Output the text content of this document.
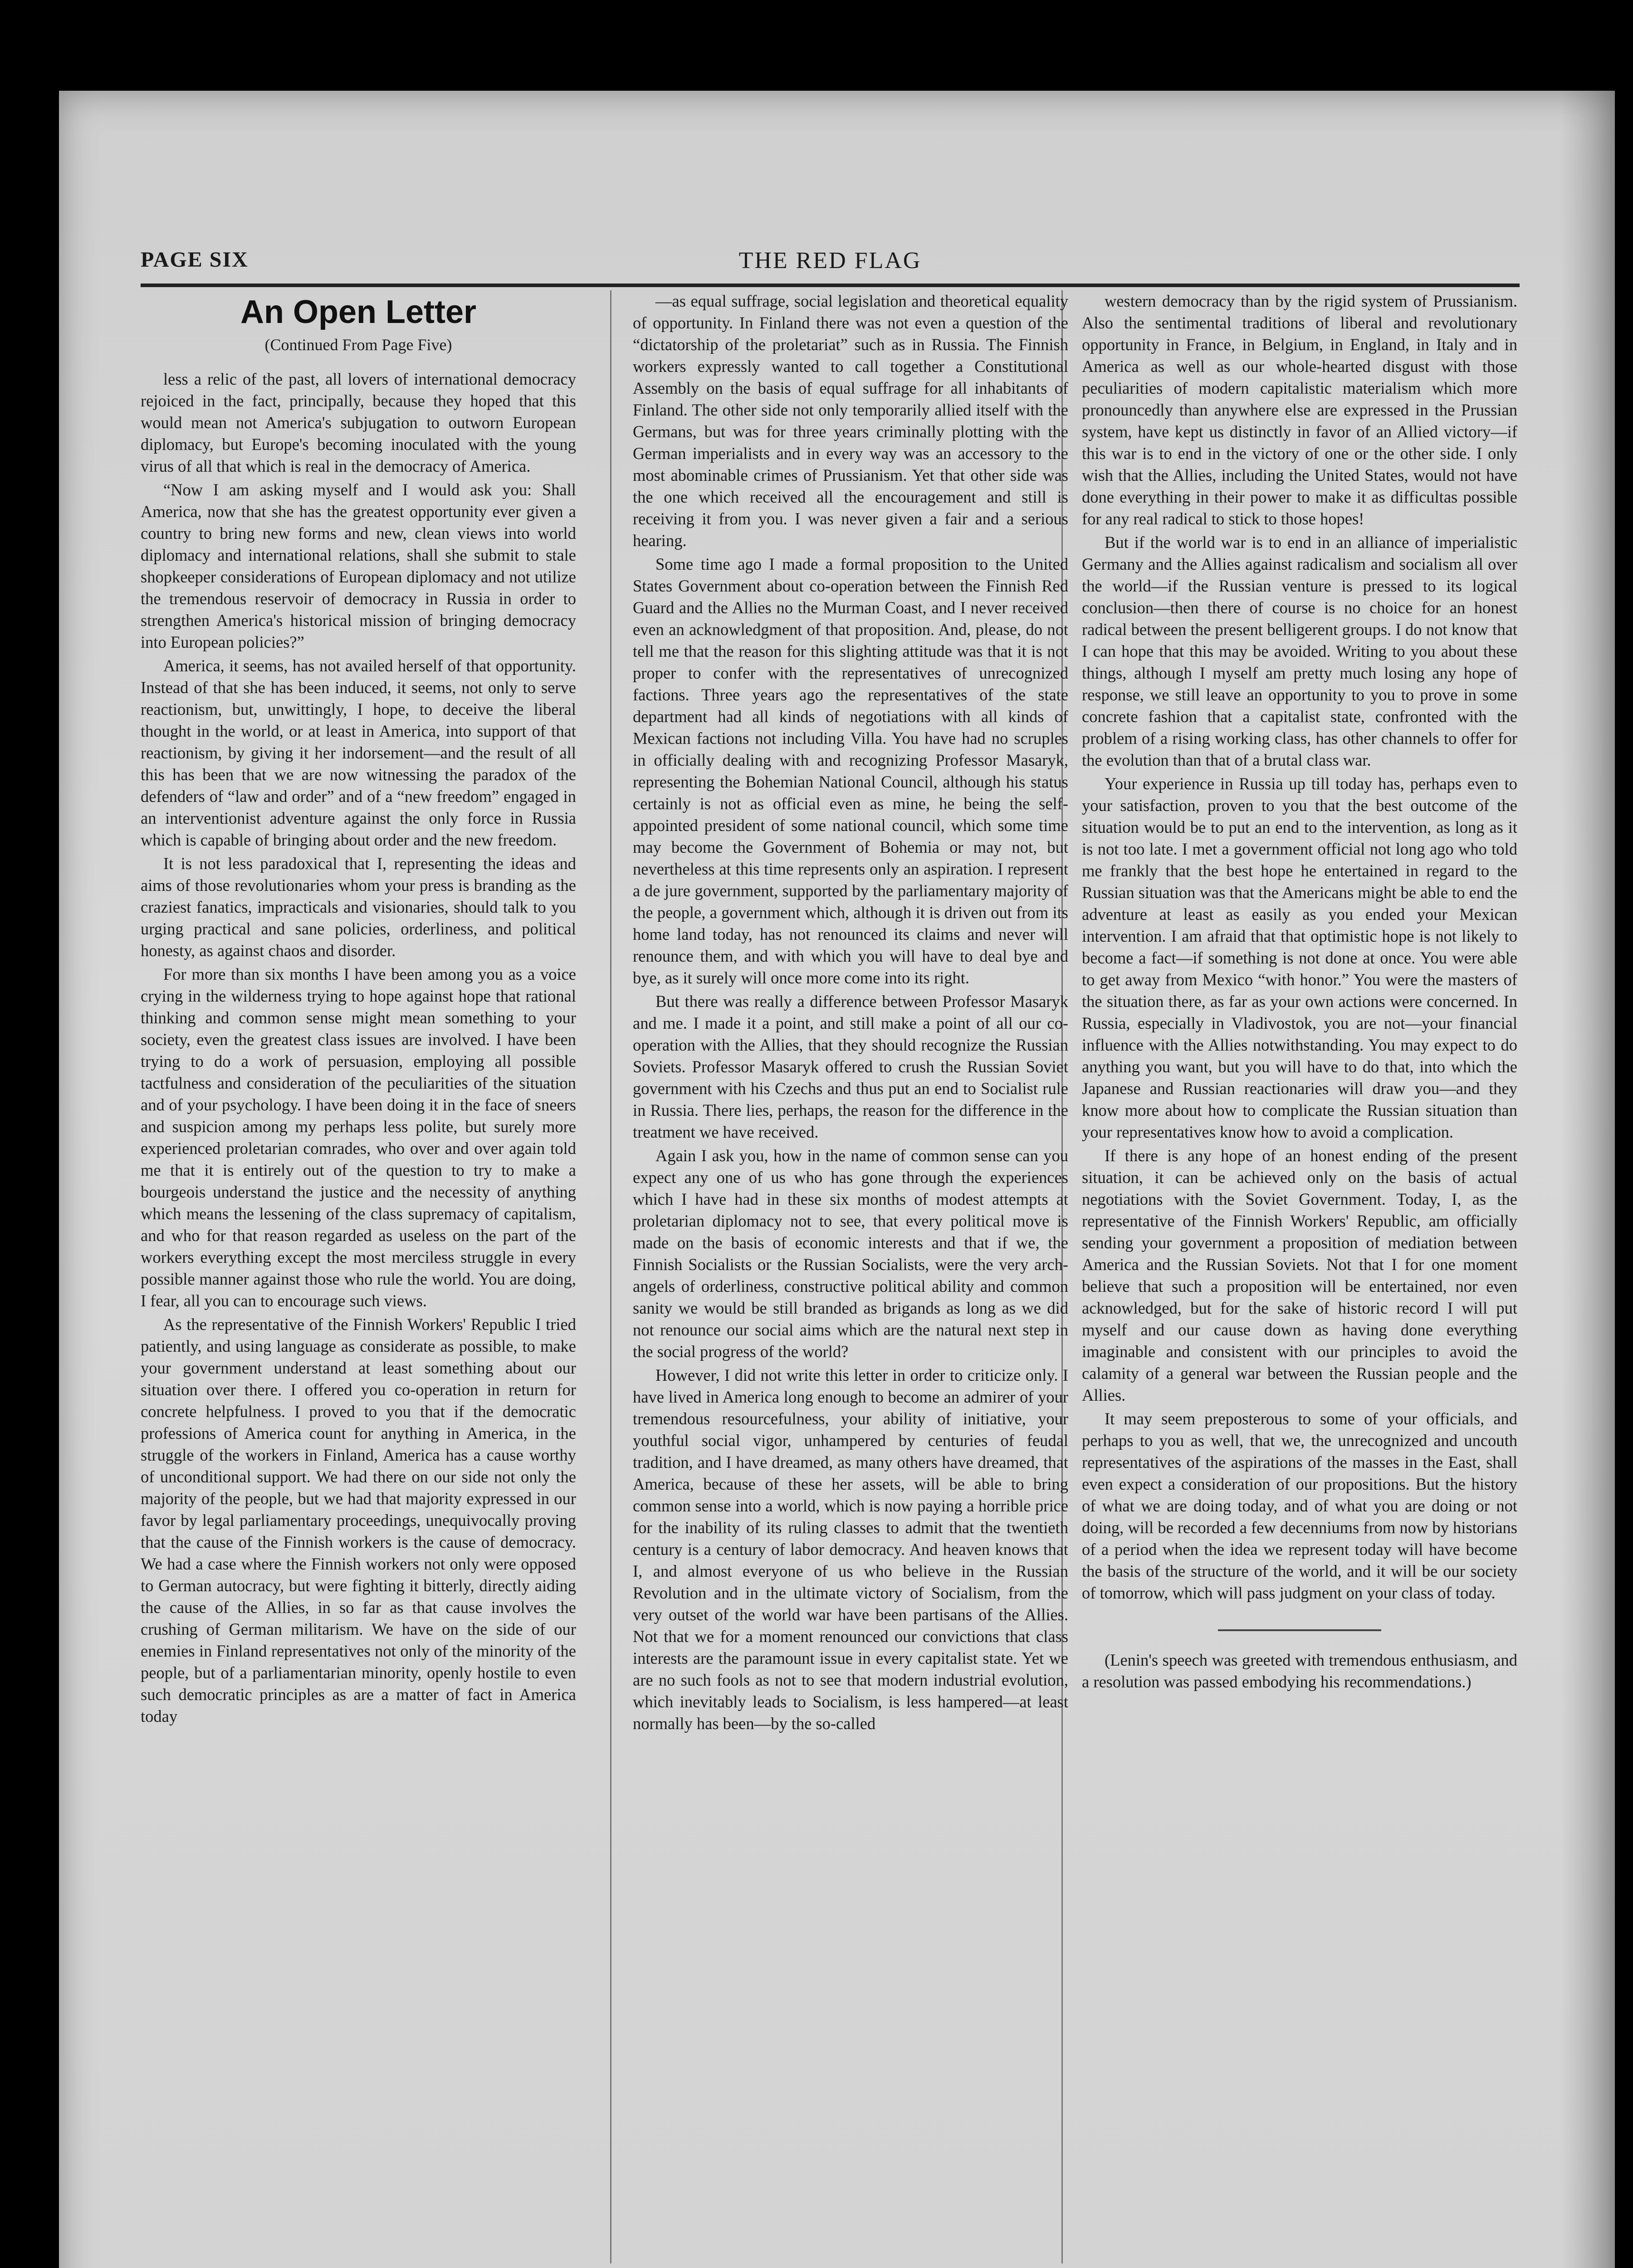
PAGE SIX	THE RED FLAG
An Open Letter
(Continued From Page Five)

less a relic of the past, all lovers of international democracy rejoiced in the fact, principally, because they hoped that this would mean not America's subjugation to outworn European diplomacy, but Europe's becoming inoculated with the young virus of all that which is real in the democracy of America.

“Now I am asking myself and I would ask you: Shall America, now that she has the greatest opportunity ever given a country to bring new forms and new, clean views into world diplomacy and international relations, shall she submit to stale shopkeeper considerations of European diplomacy and not utilize the tremendous reservoir of democracy in Russia in order to strengthen America's historical mission of bringing democracy into European policies?”

America, it seems, has not availed herself of that opportunity. Instead of that she has been induced, it seems, not only to serve reactionism, but, unwittingly, I hope, to deceive the liberal thought in the world, or at least in America, into support of that reactionism, by giving it her indorsement—and the result of all this has been that we are now witnessing the paradox of the defenders of “law and order” and of a “new freedom” engaged in an interventionist adventure against the only force in Russia which is capable of bringing about order and the new freedom.

It is not less paradoxical that I, representing the ideas and aims of those revolutionaries whom your press is branding as the craziest fanatics, impracticals and visionaries, should talk to you urging practical and sane policies, orderliness, and political honesty, as against chaos and disorder.

For more than six months I have been among you as a voice crying in the wilderness trying to hope against hope that rational thinking and common sense might mean something to your society, even the greatest class issues are involved. I have been trying to do a work of persuasion, employing all possible tactfulness and consideration of the peculiarities of the situation and of your psychology. I have been doing it in the face of sneers and suspicion among my perhaps less polite, but surely more experienced proletarian comrades, who over and over again told me that it is entirely out of the question to try to make a bourgeois understand the justice and the necessity of anything which means the lessening of the class supremacy of capitalism, and who for that reason regarded as useless on the part of the workers everything except the most merciless struggle in every possible manner against those who rule the world. You are doing, I fear, all you can to encourage such views.

As the representative of the Finnish Workers' Republic I tried patiently, and using language as considerate as possible, to make your government understand at least something about our situation over there. I offered you co-operation in return for concrete helpfulness. I proved to you that if the democratic professions of America count for anything in America, in the struggle of the workers in Finland, America has a cause worthy of unconditional support. We had there on our side not only the majority of the people, but we had that majority expressed in our favor by legal parliamentary proceedings, unequivocally proving that the cause of the Finnish workers is the cause of democracy. We had a case where the Finnish workers not only were opposed to German autocracy, but were fighting it bitterly, directly aiding the cause of the Allies, in so far as that cause involves the crushing of German militarism. We have on the side of our enemies in Finland representatives not only of the minority of the people, but of a parliamentarian minority, openly hostile to even such democratic principles as are a matter of fact in America today

—as equal suffrage, social legislation and theoretical equality of opportunity. In Finland there was not even a question of the “dictatorship of the proletariat” such as in Russia. The Finnish workers expressly wanted to call together a Constitutional Assembly on the basis of equal suffrage for all inhabitants of Finland. The other side not only temporarily allied itself with the Germans, but was for three years criminally plotting with the German imperialists and in every way was an accessory to the most abominable crimes of Prussianism. Yet that other side was the one which received all the encouragement and still is receiving it from you. I was never given a fair and a serious hearing.

Some time ago I made a formal proposition to the United States Government about co-operation between the Finnish Red Guard and the Allies no the Murman Coast, and I never received even an acknowledgment of that proposition. And, please, do not tell me that the reason for this slighting attitude was that it is not proper to confer with the representatives of unrecognized factions. Three years ago the representatives of the state department had all kinds of negotiations with all kinds of Mexican factions not including Villa. You have had no scruples in officially dealing with and recognizing Professor Masaryk, representing the Bohemian National Council, although his status certainly is not as official even as mine, he being the self-appointed president of some national council, which some time may become the Government of Bohemia or may not, but nevertheless at this time represents only an aspiration. I represent a de jure government, supported by the parliamentary majority of the people, a government which, although it is driven out from its home land today, has not renounced its claims and never will renounce them, and with which you will have to deal bye and bye, as it surely will once more come into its right.

But there was really a difference between Professor Masaryk and me. I made it a point, and still make a point of all our co-operation with the Allies, that they should recognize the Russian Soviets. Professor Masaryk offered to crush the Russian Soviet government with his Czechs and thus put an end to Socialist rule in Russia. There lies, perhaps, the reason for the difference in the treatment we have received.

Again I ask you, how in the name of common sense can you expect any one of us who has gone through the experiences which I have had in these six months of modest attempts at proletarian diplomacy not to see, that every political move is made on the basis of economic interests and that if we, the Finnish Socialists or the Russian Socialists, were the very arch-angels of orderliness, constructive political ability and common sanity we would be still branded as brigands as long as we did not renounce our social aims which are the natural next step in the social progress of the world?

However, I did not write this letter in order to criticize only. I have lived in America long enough to become an admirer of your tremendous resourcefulness, your ability of initiative, your youthful social vigor, unhampered by centuries of feudal tradition, and I have dreamed, as many others have dreamed, that America, because of these her assets, will be able to bring common sense into a world, which is now paying a horrible price for the inability of its ruling classes to admit that the twentieth century is a century of labor democracy. And heaven knows that I, and almost everyone of us who believe in the Russian Revolution and in the ultimate victory of Socialism, from the very outset of the world war have been partisans of the Allies. Not that we for a moment renounced our convictions that class interests are the paramount issue in every capitalist state. Yet we are no such fools as not to see that modern industrial evolution, which inevitably leads to Socialism, is less hampered—at least normally has been—by the so-called

western democracy than by the rigid system of Prussianism. Also the sentimental traditions of liberal and revolutionary opportunity in France, in Belgium, in England, in Italy and in America as well as our whole-hearted disgust with those peculiarities of modern capitalistic materialism which more pronouncedly than anywhere else are expressed in the Prussian system, have kept us distinctly in favor of an Allied victory—if this war is to end in the victory of one or the other side. I only wish that the Allies, including the United States, would not have done everything in their power to make it as difficultas possible for any real radical to stick to those hopes!

But if the world war is to end in an alliance of imperialistic Germany and the Allies against radicalism and socialism all over the world—if the Russian venture is pressed to its logical conclusion—then there of course is no choice for an honest radical between the present belligerent groups. I do not know that I can hope that this may be avoided. Writing to you about these things, although I myself am pretty much losing any hope of response, we still leave an opportunity to you to prove in some concrete fashion that a capitalist state, confronted with the problem of a rising working class, has other channels to offer for the evolution than that of a brutal class war.

Your experience in Russia up till today has, perhaps even to your satisfaction, proven to you that the best outcome of the situation would be to put an end to the intervention, as long as it is not too late. I met a government official not long ago who told me frankly that the best hope he entertained in regard to the Russian situation was that the Americans might be able to end the adventure at least as easily as you ended your Mexican intervention. I am afraid that that optimistic hope is not likely to become a fact—if something is not done at once. You were able to get away from Mexico “with honor.” You were the masters of the situation there, as far as your own actions were concerned. In Russia, especially in Vladivostok, you are not—your financial influence with the Allies notwithstanding. You may expect to do anything you want, but you will have to do that, into which the Japanese and Russian reactionaries will draw you—and they know more about how to complicate the Russian situation than your representatives know how to avoid a complication.

If there is any hope of an honest ending of the present situation, it can be achieved only on the basis of actual negotiations with the Soviet Government. Today, I, as the representative of the Finnish Workers' Republic, am officially sending your government a proposition of mediation between America and the Russian Soviets. Not that I for one moment believe that such a proposition will be entertained, nor even acknowledged, but for the sake of historic record I will put myself and our cause down as having done everything imaginable and consistent with our principles to avoid the calamity of a general war between the Russian people and the Allies.

It may seem preposterous to some of your officials, and perhaps to you as well, that we, the unrecognized and uncouth representatives of the aspirations of the masses in the East, shall even expect a consideration of our propositions. But the history of what we are doing today, and of what you are doing or not doing, will be recorded a few decenniums from now by historians of a period when the idea we represent today will have become the basis of the structure of the world, and it will be our society of tomorrow, which will pass judgment on your class of today.

(Lenin's speech was greeted with tremendous enthusiasm, and a resolution was passed embodying his recommendations.)
